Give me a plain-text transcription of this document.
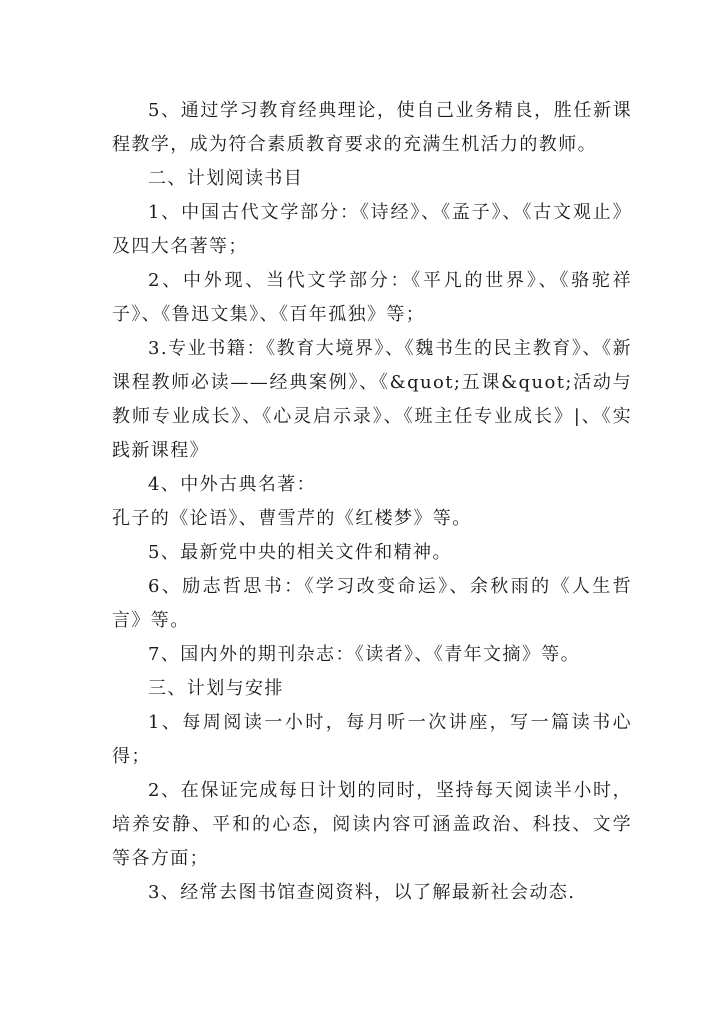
5、通过学习教育经典理论，使自己业务精良，胜任新课程教学，成为符合素质教育要求的充满生机活力的教师。

二、计划阅读书目

1、中国古代文学部分：《诗经》、《孟子》、《古文观止》及四大名著等；

2、中外现、当代文学部分：《平凡的世界》、《骆驼祥子》、《鲁迅文集》、《百年孤独》等；

3.专业书籍：《教育大境界》、《魏书生的民主教育》、《新课程教师必读——经典案例》、《&quot;五课&quot;活动与教师专业成长》、《心灵启示录》、《班主任专业成长》|、《实践新课程》

4、中外古典名著：

孔子的《论语》、曹雪芹的《红楼梦》等。

5、最新党中央的相关文件和精神。

6、励志哲思书：《学习改变命运》、余秋雨的《人生哲言》等。

7、国内外的期刊杂志：《读者》、《青年文摘》等。

三、计划与安排

1、每周阅读一小时，每月听一次讲座，写一篇读书心得；

2、在保证完成每日计划的同时，坚持每天阅读半小时，培养安静、平和的心态，阅读内容可涵盖政治、科技、文学等各方面；

3、经常去图书馆查阅资料，以了解最新社会动态.
